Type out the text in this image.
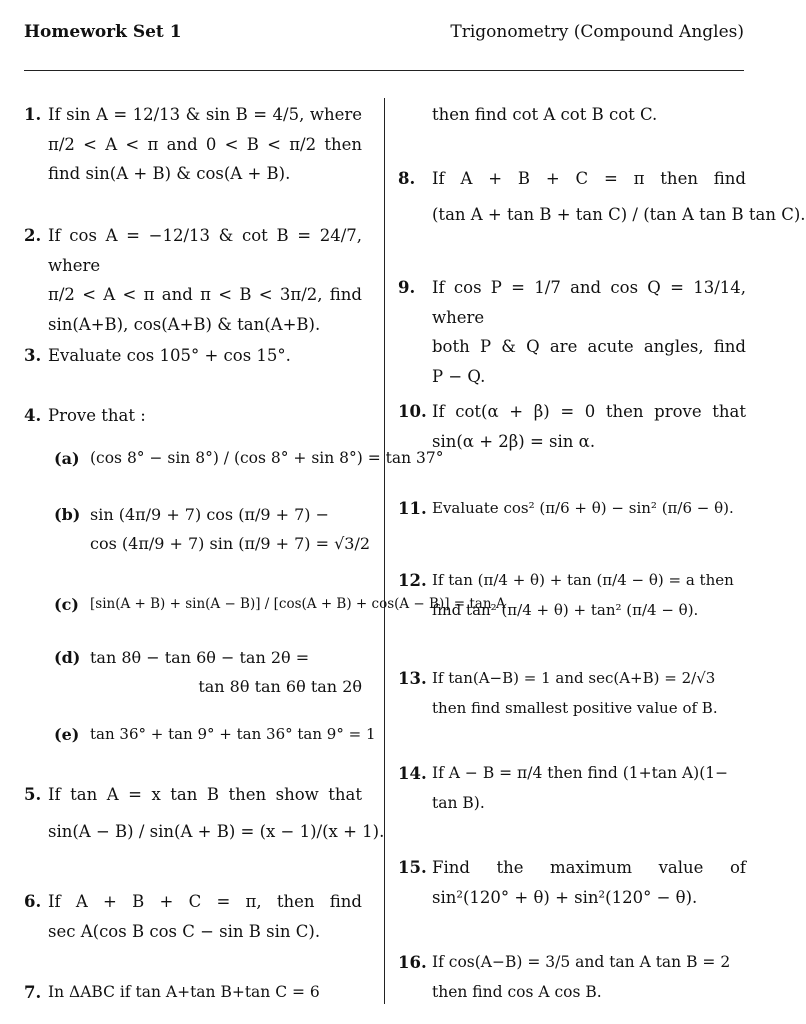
Homework Set 1	Trigonometry (Compound Angles)
1. If sin A = 12/13 & sin B = 4/5, where
π/2 < A < π and 0 < B < π/2 then
find sin(A + B) & cos(A + B).
2. If cos A = −12/13 & cot B = 24/7, where
π/2 < A < π and π < B < 3π/2, find
sin(A+B), cos(A+B) & tan(A+B).
3. Evaluate cos 105° + cos 15°.
4. Prove that :
(a) (cos 8° − sin 8°) / (cos 8° + sin 8°) = tan 37°
(b) sin (4π/9 + 7) cos (π/9 + 7) −
cos (4π/9 + 7) sin (π/9 + 7) = √3/2
(c) [sin(A + B) + sin(A − B)] / [cos(A + B) + cos(A − B)] = tan A
(d) tan 8θ − tan 6θ − tan 2θ =
tan 8θ tan 6θ tan 2θ
(e) tan 36° + tan 9° + tan 36° tan 9° = 1
5. If tan A = x tan B then show that
sin(A − B) / sin(A + B) = (x − 1)/(x + 1).
6. If A + B + C = π, then find
sec A(cos B cos C − sin B sin C).
7. In ΔABC if tan A+tan B+tan C = 6
then find cot A cot B cot C.
8. If A + B + C = π then find
(tan A + tan B + tan C) / (tan A tan B tan C).
9. If cos P = 1/7 and cos Q = 13/14, where
both P & Q are acute angles, find
P − Q.
10. If cot(α + β) = 0 then prove that
sin(α + 2β) = sin α.
11. Evaluate cos² (π/6 + θ) − sin² (π/6 − θ).
12. If tan (π/4 + θ) + tan (π/4 − θ) = a then
find tan² (π/4 + θ) + tan² (π/4 − θ).
13. If tan(A−B) = 1 and sec(A+B) = 2/√3
then find smallest positive value of B.
14. If A − B = π/4 then find (1+tan A)(1−
tan B).
15. Find the maximum value of
sin²(120° + θ) + sin²(120° − θ).
16. If cos(A−B) = 3/5 and tan A tan B = 2
then find cos A cos B.
